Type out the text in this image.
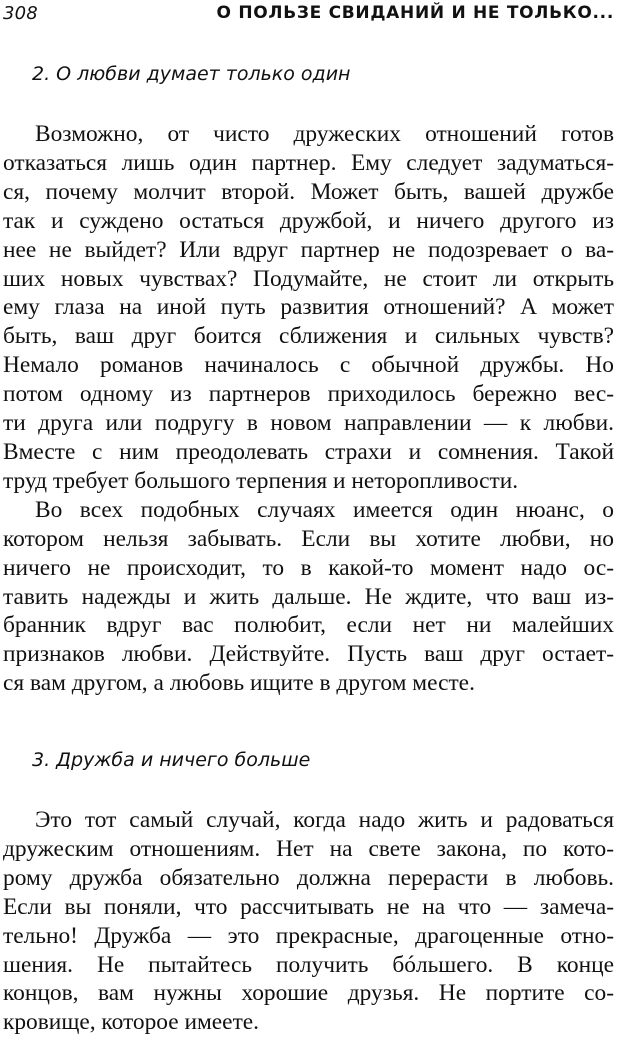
308	О ПОЛЬЗЕ СВИДАНИЙ И НЕ ТОЛЬКО...
2. О любви думает только один

Возможно, от чисто дружеских отношений готов
отказаться лишь один партнер. Ему следует задуматься-
ся, почему молчит второй. Может быть, вашей дружбе
так и суждено остаться дружбой, и ничего другого из
нее не выйдет? Или вдруг партнер не подозревает о ва-
ших новых чувствах? Подумайте, не стоит ли открыть
ему глаза на иной путь развития отношений? А может
быть, ваш друг боится сближения и сильных чувств?
Немало романов начиналось с обычной дружбы. Но
потом одному из партнеров приходилось бережно вес-
ти друга или подругу в новом направлении — к любви.
Вместе с ним преодолевать страхи и сомнения. Такой
труд требует большого терпения и неторопливости.

Во всех подобных случаях имеется один нюанс, о
котором нельзя забывать. Если вы хотите любви, но
ничего не происходит, то в какой-то момент надо ос-
тавить надежды и жить дальше. Не ждите, что ваш из-
бранник вдруг вас полюбит, если нет ни малейших
признаков любви. Действуйте. Пусть ваш друг остает-
ся вам другом, а любовь ищите в другом месте.

3. Дружба и ничего больше

Это тот самый случай, когда надо жить и радоваться
дружеским отношениям. Нет на свете закона, по кото-
рому дружба обязательно должна перерасти в любовь.
Если вы поняли, что рассчитывать не на что — замеча-
тельно! Дружба — это прекрасные, драгоценные отно-
шения. Не пытайтесь получить бóльшего. В конце
концов, вам нужны хорошие друзья. Не портите со-
кровище, которое имеете.
